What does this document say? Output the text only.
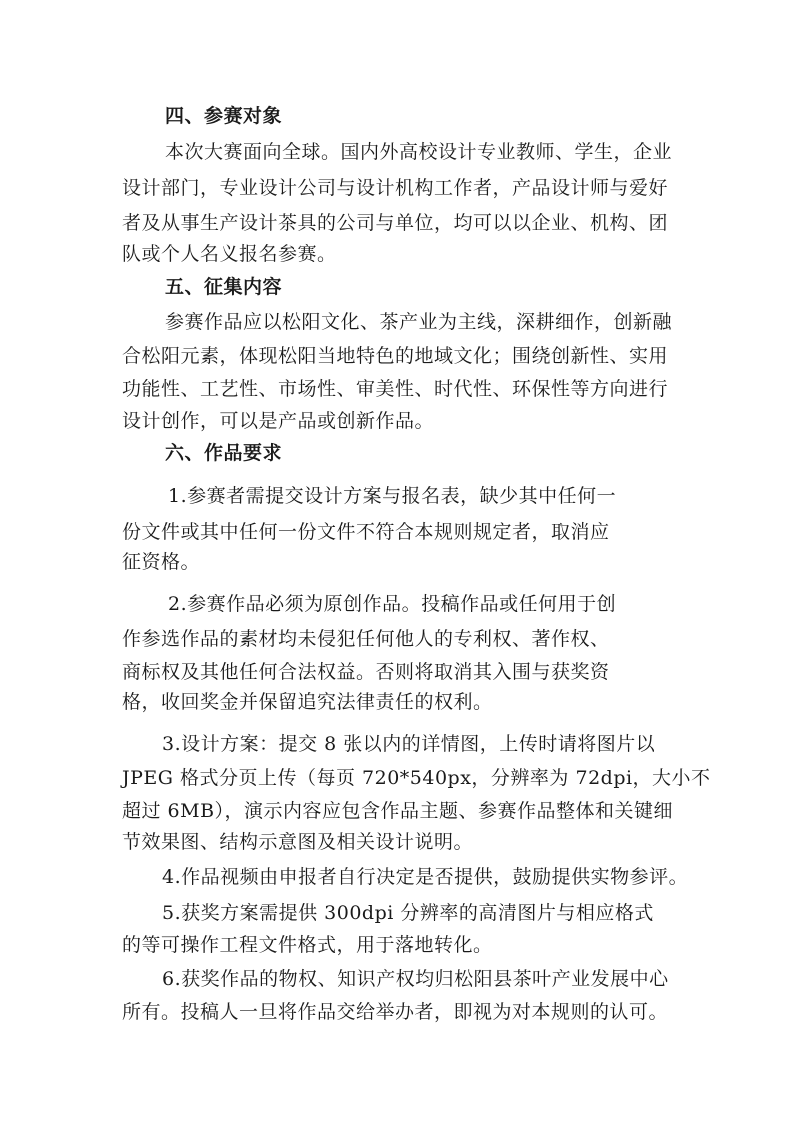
四、参赛对象
本次大赛面向全球。国内外高校设计专业教师、学生，企业
设计部门，专业设计公司与设计机构工作者，产品设计师与爱好
者及从事生产设计茶具的公司与单位，均可以以企业、机构、团
队或个人名义报名参赛。
五、征集内容
参赛作品应以松阳文化、茶产业为主线，深耕细作，创新融
合松阳元素，体现松阳当地特色的地域文化；围绕创新性、实用
功能性、工艺性、市场性、审美性、时代性、环保性等方向进行
设计创作，可以是产品或创新作品。
六、作品要求
1.参赛者需提交设计方案与报名表，缺少其中任何一
份文件或其中任何一份文件不符合本规则规定者，取消应
征资格。
2.参赛作品必须为原创作品。投稿作品或任何用于创
作参选作品的素材均未侵犯任何他人的专利权、著作权、
商标权及其他任何合法权益。否则将取消其入围与获奖资
格，收回奖金并保留追究法律责任的权利。
3.设计方案：提交 8 张以内的详情图，上传时请将图片以
JPEG 格式分页上传（每页 720*540px，分辨率为 72dpi，大小不
超过 6MB），演示内容应包含作品主题、参赛作品整体和关键细
节效果图、结构示意图及相关设计说明。
4.作品视频由申报者自行决定是否提供，鼓励提供实物参评。
5.获奖方案需提供 300dpi 分辨率的高清图片与相应格式
的等可操作工程文件格式，用于落地转化。
6.获奖作品的物权、知识产权均归松阳县茶叶产业发展中心
所有。投稿人一旦将作品交给举办者，即视为对本规则的认可。
